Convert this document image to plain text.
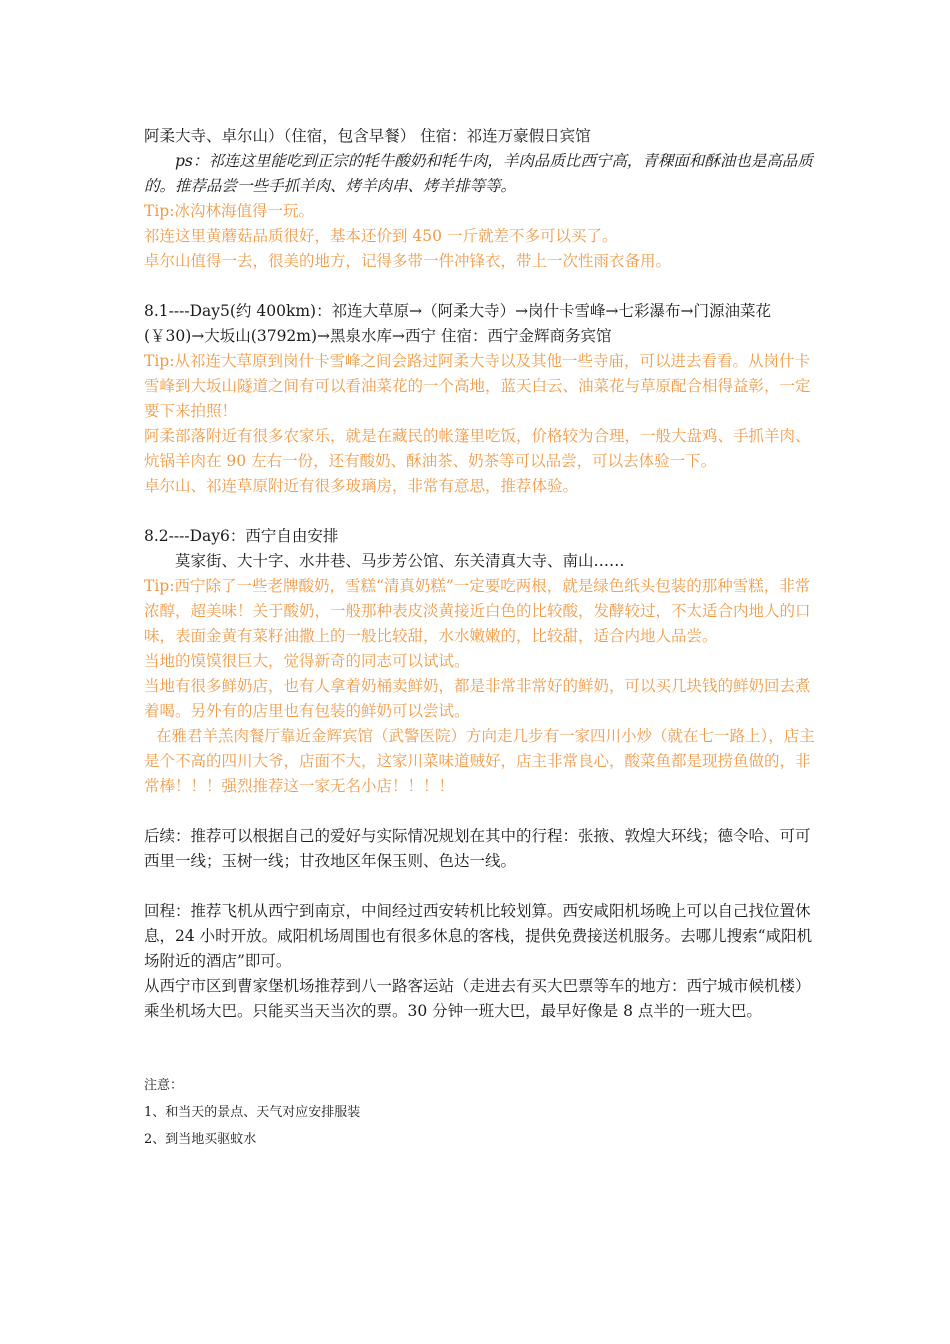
阿柔大寺、卓尔山）（住宿，包含早餐） 住宿：祁连万豪假日宾馆

ps：祁连这里能吃到正宗的牦牛酸奶和牦牛肉，羊肉品质比西宁高，青稞面和酥油也是高品质的。推荐品尝一些手抓羊肉、烤羊肉串、烤羊排等等。

Tip:冰沟林海值得一玩。

祁连这里黄蘑菇品质很好，基本还价到 450 一斤就差不多可以买了。

卓尔山值得一去，很美的地方，记得多带一件冲锋衣，带上一次性雨衣备用。

8.1----Day5(约 400km)：祁连大草原→（阿柔大寺）→岗什卡雪峰→七彩瀑布→门源油菜花(￥30)→大坂山(3792m)→黑泉水库→西宁 住宿：西宁金辉商务宾馆

Tip:从祁连大草原到岗什卡雪峰之间会路过阿柔大寺以及其他一些寺庙，可以进去看看。从岗什卡雪峰到大坂山隧道之间有可以看油菜花的一个高地，蓝天白云、油菜花与草原配合相得益彰，一定要下来拍照！

阿柔部落附近有很多农家乐，就是在藏民的帐篷里吃饭，价格较为合理，一般大盘鸡、手抓羊肉、炕锅羊肉在 90 左右一份，还有酸奶、酥油茶、奶茶等可以品尝，可以去体验一下。

卓尔山、祁连草原附近有很多玻璃房，非常有意思，推荐体验。

8.2----Day6：西宁自由安排

莫家街、大十字、水井巷、马步芳公馆、东关清真大寺、南山……

Tip:西宁除了一些老牌酸奶，雪糕“清真奶糕”一定要吃两根，就是绿色纸头包装的那种雪糕，非常浓醇，超美味！关于酸奶，一般那种表皮淡黄接近白色的比较酸，发酵较过，不太适合内地人的口味，表面金黄有菜籽油撒上的一般比较甜，水水嫩嫩的，比较甜，适合内地人品尝。

当地的馍馍很巨大，觉得新奇的同志可以试试。

当地有很多鲜奶店，也有人拿着奶桶卖鲜奶，都是非常非常好的鲜奶，可以买几块钱的鲜奶回去煮着喝。另外有的店里也有包装的鲜奶可以尝试。

在雅君羊羔肉餐厅靠近金辉宾馆（武警医院）方向走几步有一家四川小炒（就在七一路上），店主是个不高的四川大爷，店面不大，这家川菜味道贼好，店主非常良心，酸菜鱼都是现捞鱼做的，非常棒！！！强烈推荐这一家无名小店！！！！

后续：推荐可以根据自己的爱好与实际情况规划在其中的行程：张掖、敦煌大环线；德令哈、可可西里一线；玉树一线；甘孜地区年保玉则、色达一线。

回程：推荐飞机从西宁到南京，中间经过西安转机比较划算。西安咸阳机场晚上可以自己找位置休息，24 小时开放。咸阳机场周围也有很多休息的客栈，提供免费接送机服务。去哪儿搜索“咸阳机场附近的酒店”即可。

从西宁市区到曹家堡机场推荐到八一路客运站（走进去有买大巴票等车的地方：西宁城市候机楼）乘坐机场大巴。只能买当天当次的票。30 分钟一班大巴，最早好像是 8 点半的一班大巴。

注意：

1、和当天的景点、天气对应安排服装

2、到当地买驱蚊水
